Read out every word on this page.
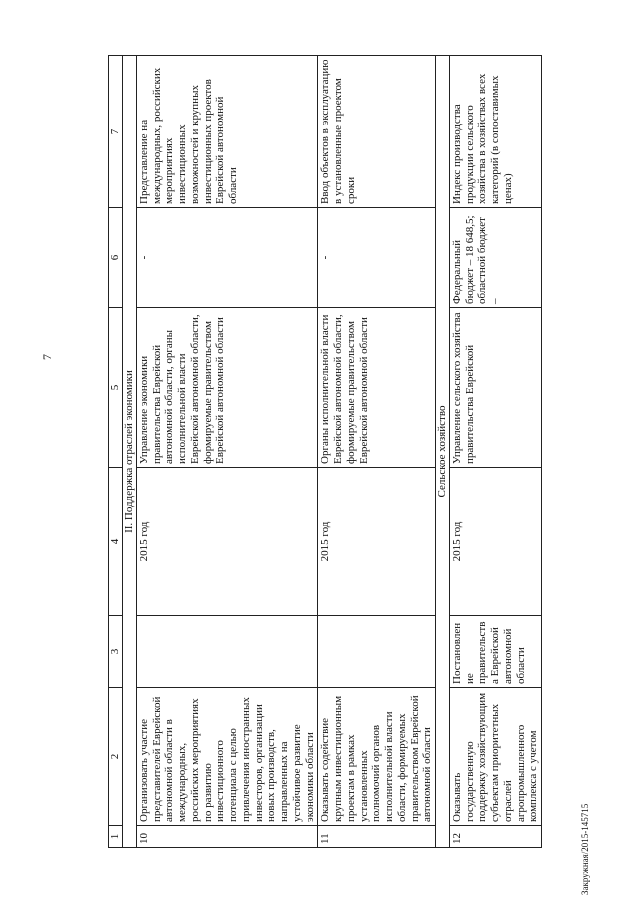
7
Закружная/2015-145715
1	2	3	4	5	6	7
II. Поддержка отраслей экономики						
10	Организовать участие представителей Еврейской автономной области в международных, российских мероприятиях по развитию инвестиционного потенциала с целью привлечения иностранных инвесторов, организации новых производств, направленных на устойчивое развитие экономики области		2015 год	Управление экономики правительства Еврейской автономной области, органы исполнительной власти Еврейской автономной области, формируемые правительством Еврейской автономной области	-	Представление на международных, российских мероприятиях инвестиционных возможностей и крупных инвестиционных проектов Еврейской автономной области
11	Оказывать содействие крупным инвестиционным проектам в рамках установленных полномочий органов исполнительной власти области, формируемых правительством Еврейской автономной области		2015 год	Органы исполнительной власти Еврейской автономной области, формируемые правительством Еврейской автономной области	-	Ввод объектов в эксплуатацию в установленные проектом сроки
Сельское хозяйство						
12	Оказывать государственную поддержку хозяйствующим субъектам приоритетных отраслей агропромышленного комплекса с учетом	Постановление правительства Еврейской автономной области	2015 год	Управление сельского хозяйства правительства Еврейской	Федеральный бюджет – 18 648,5; областной бюджет –	Индекс производства продукции сельского хозяйства в хозяйствах всех категорий (в сопоставимых ценах)
